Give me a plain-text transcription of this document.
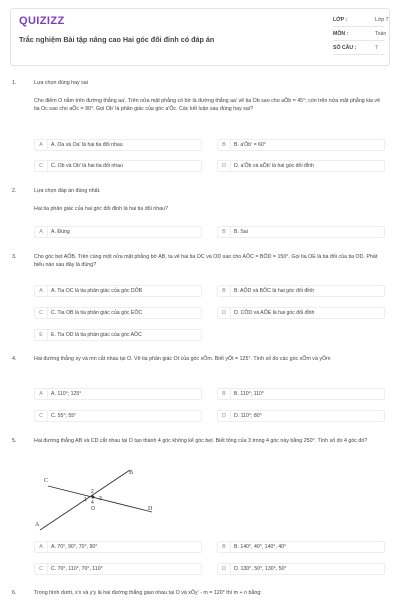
QUIZIZZ
Trắc nghiệm Bài tập nâng cao Hai góc đối đỉnh có đáp án
LỚP :	Lớp 7
MÔN :	Toán
SỐ CÂU :	7
1.	Lựa chọn đúng hay sai
Cho điểm O nằm trên đường thẳng aa'. Trên nửa mặt phẳng có bờ là đường thẳng aa' vẽ tia Ob sao cho aÔb = 45°; còn trên nửa mặt phẳng kia vẽ tia Oc sao cho aÔc = 90°. Gọi Ob' là phân giác của góc a'Ôc. Các kết luận sau đúng hay sai?
A	A. Oa và Oa' là hai tia đối nhau	B	B. a'Ôb' = 60°
C	C. Ob và Ob' là hai tia đối nhau	D	D. a'Ôb và aÔb' là hai góc đối đỉnh
2.	Lựa chọn đáp án đúng nhất.
Hai tia phân giác của hai góc đối đỉnh là hai tia đối nhau?
A	A. Đúng	B	B. Sai
3.	Cho góc bẹt AÔB. Trên cùng một nửa mặt phẳng bờ AB, ta vẽ hai tia OC và OD sao cho AÔC = BÔD = 150°. Gọi tia OE là tia đối của tia OD. Phát biểu nào sau đây là đúng?
A	A. Tia OC là tia phân giác của góc DÔB	B	B. AÔD và BÔC là hai góc đối đỉnh
C	C. Tia OB là tia phân giác của góc EÔC	D	D. CÔD và AÔE là hai góc đối đỉnh
E	E. Tia OD là tia phân giác của góc AÔC
4.	Hai đường thẳng xy và mn cắt nhau tại O. Vẽ tia phân giác Ot của góc xÔm. Biết yÔt = 125°. Tính số đo các góc xÔm và yÔm
A	A. 110°; 125°	B	B. 110°; 110°
C	C. 55°; 55°	D	D. 110°; 80°
5.	Hai đường thẳng AB và CD cắt nhau tại O tạo thành 4 góc không kể góc bẹt. Biết tổng của 3 trong 4 góc này bằng 250°. Tính số đo 4 góc đó?
A
B
C
D
1
2
3
4
O
A	A. 70°, 90°, 70°, 90°	B	B. 140°, 40°, 140°, 40°
C	C. 70°, 110°, 70°, 110°	D	D. 130°, 50°, 130°, 50°
6.	Trong hình dưới, x'x và y'y là hai đường thẳng giao nhau tại O và xÔy' - m = 120° thì m + n bằng:
